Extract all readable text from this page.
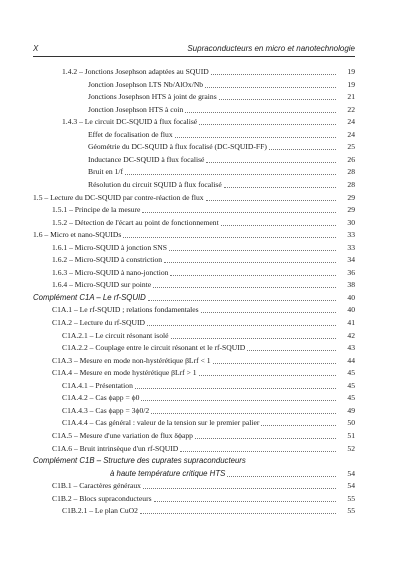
X	Supraconducteurs en micro et nanotechnologie
1.4.2 – Jonctions Josephson adaptées au SQUID	19
Jonction Josephson LTS Nb/AlOx/Nb	19
Jonctions Josephson HTS à joint de grains	21
Jonction Josephson HTS à coin	22
1.4.3 – Le circuit DC-SQUID à flux focalisé	24
Effet de focalisation de flux	24
Géométrie du DC-SQUID à flux focalisé (DC-SQUID-FF)	25
Inductance DC-SQUID à flux focalisé	26
Bruit en 1/f	28
Résolution du circuit SQUID à flux focalisé	28
1.5 – Lecture du DC-SQUID par contre-réaction de flux	29
1.5.1 – Principe de la mesure	29
1.5.2 – Détection de l'écart au point de fonctionnement	30
1.6 – Micro et nano-SQUIDs	33
1.6.1 – Micro-SQUID à jonction SNS	33
1.6.2 – Micro-SQUID à constriction	34
1.6.3 – Micro-SQUID à nano-jonction	36
1.6.4 – Micro-SQUID sur pointe	38
Complément C1A – Le rf-SQUID	40
C1A.1 – Le rf-SQUID ; relations fondamentales	40
C1A.2 – Lecture du rf-SQUID	41
C1A.2.1 – Le circuit résonant isolé	42
C1A.2.2 – Couplage entre le circuit résonant et le rf-SQUID	43
C1A.3 – Mesure en mode non-hystérétique βLrf < 1	44
C1A.4 – Mesure en mode hystérétique βLrf > 1	45
C1A.4.1 – Présentation	45
C1A.4.2 – Cas ϕapp = ϕ0	45
C1A.4.3 – Cas ϕapp = 3ϕ0/2	49
C1A.4.4 – Cas général : valeur de la tension sur le premier palier	50
C1A.5 – Mesure d'une variation de flux δϕapp	51
C1A.6 – Bruit intrinsèque d'un rf-SQUID	52
Complément C1B – Structure des cuprates supraconducteurs
à haute température critique HTS	54
C1B.1 – Caractères généraux	54
C1B.2 – Blocs supraconducteurs	55
C1B.2.1 – Le plan CuO2	55
